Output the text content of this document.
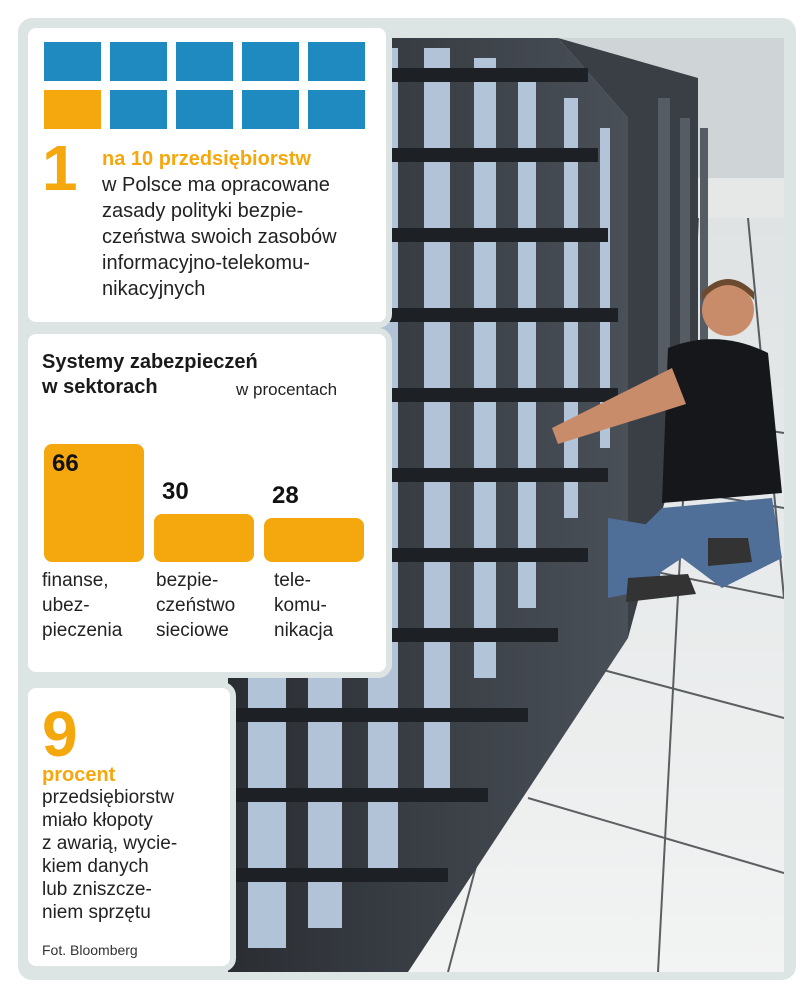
1 na 10 przedsiębiorstw
w Polsce ma opracowane
zasady polityki bezpie-
czeństwa swoich zasobów
informacyjno-telekomu-
nikacyjnych
Systemy zabezpieczeń
w sektorach	w procentach
66
finanse,
ubez-
pieczenia
30
bezpie-
czeństwo
sieciowe
28
tele-
komu-
nikacja
9
procent
przedsiębiorstw
miało kłopoty
z awarią, wycie-
kiem danych
lub zniszcze-
niem sprzętu
Fot. Bloomberg
